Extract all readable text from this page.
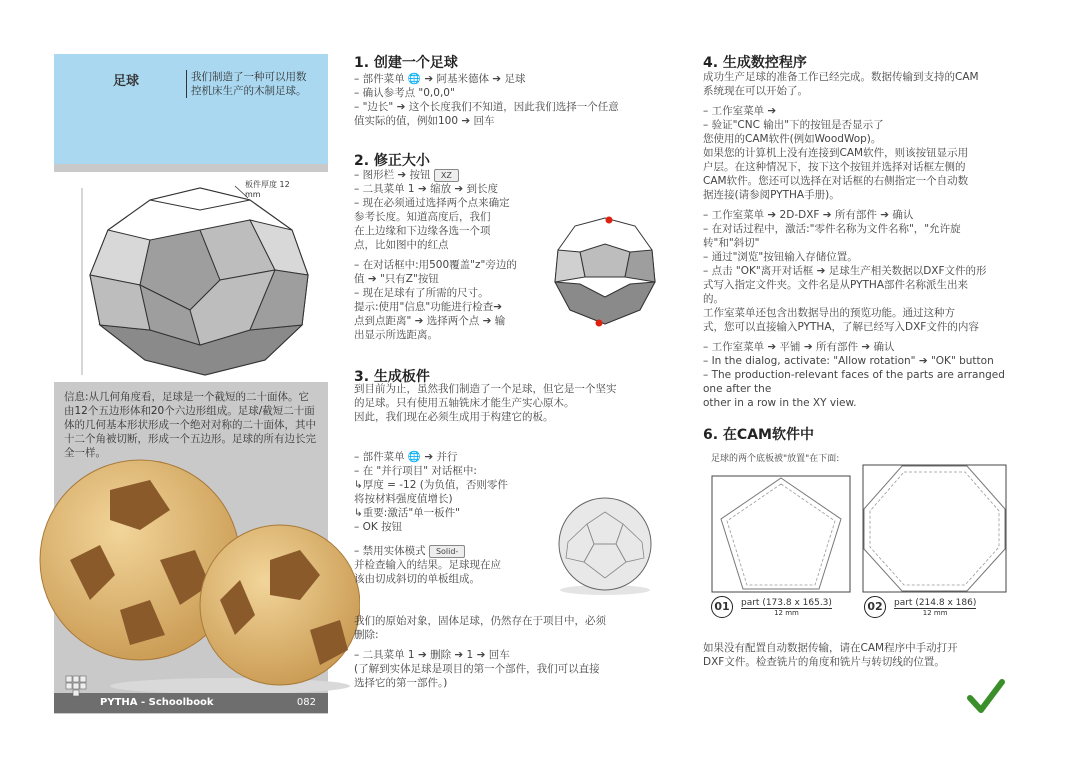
足球	我们制造了一种可以用数控机床生产的木制足球。
板件厚度 12 mm
信息:从几何角度看，足球是一个截短的二十面体。它由12个五边形体和20个六边形组成。足球/截短二十面体的几何基本形状形成一个绝对对称的二十面体，其中十二个角被切断，形成一个五边形。足球的所有边长完全一样。
PYTHA - Schoolbook	082
1. 创建一个足球
– 部件菜单 🌐 ➔ 阿基米德体 ➔ 足球
– 确认参考点 "0,0,0"
– "边长" ➔ 这个长度我们不知道，因此我们选择一个任意
值实际的值，例如100 ➔ 回车
2. 修正大小
– 图形栏 ➔ 按钮 XZ
– 二具菜单 1 ➔ 缩放 ➔ 到长度
– 现在必须通过选择两个点来确定
参考长度。知道高度后，我们
在上边缘和下边缘各选一个项
点，比如图中的红点
– 在对话框中:用500覆盖"z"旁边的
值 ➔ "只有Z"按钮
– 现在足球有了所需的尺寸。
提示:使用"信息"功能进行检查➔
点到点距离" ➔ 选择两个点 ➔ 输
出显示所选距离。
3. 生成板件
到目前为止，虽然我们制造了一个足球，但它是一个坚实
的足球。只有使用五轴铣床才能生产实心原木。
因此，我们现在必须生成用于构建它的板。
– 部件菜单 🌐 ➔ 并行
– 在 "并行项目" 对话框中:
↳厚度 = -12 (为负值，否则零件
将按材料强度值增长)
↳重要:激活"单一板件"
– OK 按钮
– 禁用实体模式 Solid-
并检查输入的结果。足球现在应
该由切成斜切的单板组成。
我们的原始对象，固体足球，仍然存在于项目中，必须
删除:
– 二具菜单 1 ➔ 删除 ➔ 1 ➔ 回车
(了解到实体足球是项目的第一个部件，我们可以直接
选择它的第一部件。)
4. 生成数控程序
成功生产足球的准备工作已经完成。数据传输到支持的CAM
系统现在可以开始了。
– 工作室菜单 ➔
– 验证"CNC 输出"下的按钮是否显示了
您使用的CAM软件(例如WoodWop)。
如果您的计算机上没有连接到CAM软件，则该按钮显示用
户层。在这种情况下，按下这个按钮并选择对话框左侧的
CAM软件。您还可以选择在对话框的右侧指定一个自动数
据连接(请参阅PYTHA手册)。
– 工作室菜单 ➔ 2D-DXF ➔ 所有部件 ➔ 确认
– 在对话过程中，激活:"零件名称为文件名称"，"允许旋
转"和"斜切"
– 通过"浏览"按钮输入存储位置。
– 点击 "OK"离开对话框 ➔ 足球生产相关数据以DXF文件的形
式写入指定文件夹。文件名是从PYTHA部件名称派生出来
的。
工作室菜单还包含出数据导出的预览功能。通过这种方
式，您可以直接输入PYTHA，了解已经写入DXF文件的内容
– 工作室菜单 ➔ 平铺 ➔ 所有部件 ➔ 确认
– In the dialog, activate: "Allow rotation" ➔ "OK" button
– The production-relevant faces of the parts are arranged one after the
other in a row in the XY view.
6. 在CAM软件中
足球的两个底板被"放置"在下面:
01	part (173.8 x 165.3)
12 mm	02	part (214.8 x 186)
12 mm
如果没有配置自动数据传输，请在CAM程序中手动打开
DXF文件。检查铣片的角度和铣片与转切线的位置。
